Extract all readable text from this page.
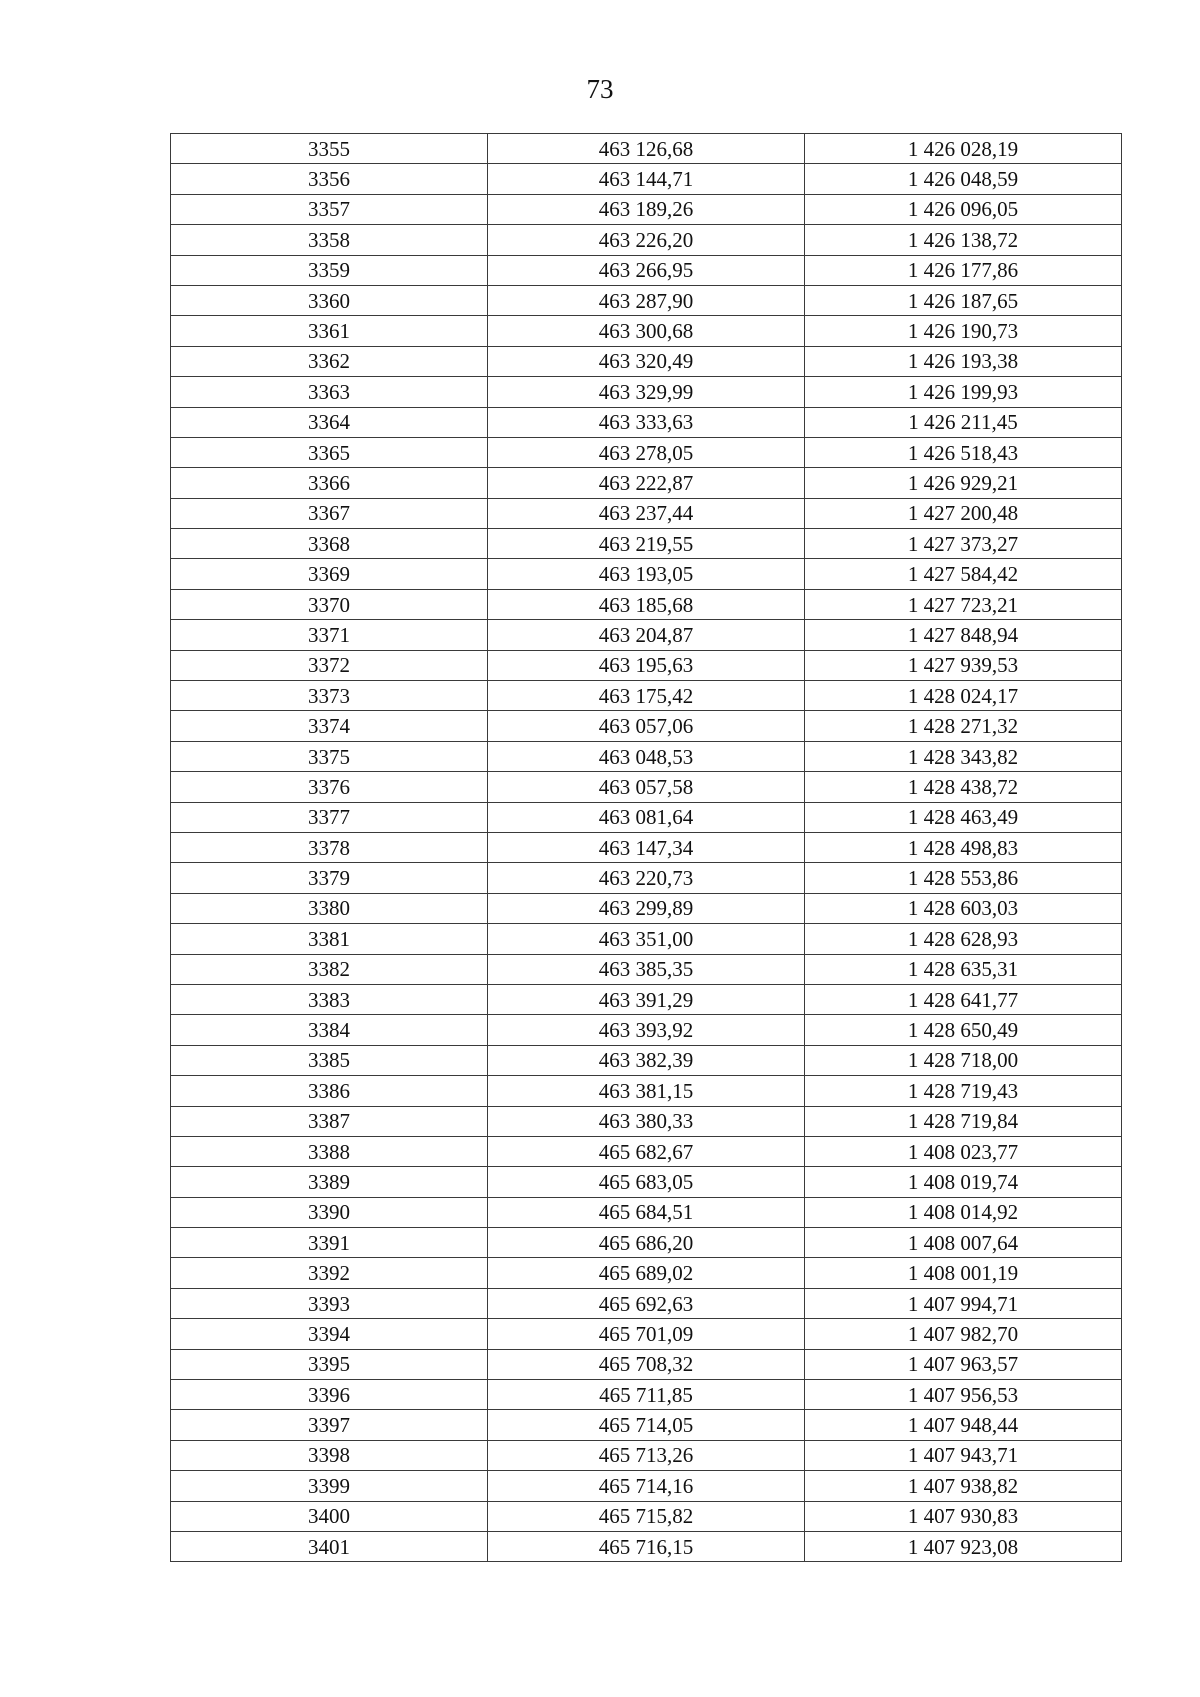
73
3355	463 126,68	1 426 028,19
3356	463 144,71	1 426 048,59
3357	463 189,26	1 426 096,05
3358	463 226,20	1 426 138,72
3359	463 266,95	1 426 177,86
3360	463 287,90	1 426 187,65
3361	463 300,68	1 426 190,73
3362	463 320,49	1 426 193,38
3363	463 329,99	1 426 199,93
3364	463 333,63	1 426 211,45
3365	463 278,05	1 426 518,43
3366	463 222,87	1 426 929,21
3367	463 237,44	1 427 200,48
3368	463 219,55	1 427 373,27
3369	463 193,05	1 427 584,42
3370	463 185,68	1 427 723,21
3371	463 204,87	1 427 848,94
3372	463 195,63	1 427 939,53
3373	463 175,42	1 428 024,17
3374	463 057,06	1 428 271,32
3375	463 048,53	1 428 343,82
3376	463 057,58	1 428 438,72
3377	463 081,64	1 428 463,49
3378	463 147,34	1 428 498,83
3379	463 220,73	1 428 553,86
3380	463 299,89	1 428 603,03
3381	463 351,00	1 428 628,93
3382	463 385,35	1 428 635,31
3383	463 391,29	1 428 641,77
3384	463 393,92	1 428 650,49
3385	463 382,39	1 428 718,00
3386	463 381,15	1 428 719,43
3387	463 380,33	1 428 719,84
3388	465 682,67	1 408 023,77
3389	465 683,05	1 408 019,74
3390	465 684,51	1 408 014,92
3391	465 686,20	1 408 007,64
3392	465 689,02	1 408 001,19
3393	465 692,63	1 407 994,71
3394	465 701,09	1 407 982,70
3395	465 708,32	1 407 963,57
3396	465 711,85	1 407 956,53
3397	465 714,05	1 407 948,44
3398	465 713,26	1 407 943,71
3399	465 714,16	1 407 938,82
3400	465 715,82	1 407 930,83
3401	465 716,15	1 407 923,08
